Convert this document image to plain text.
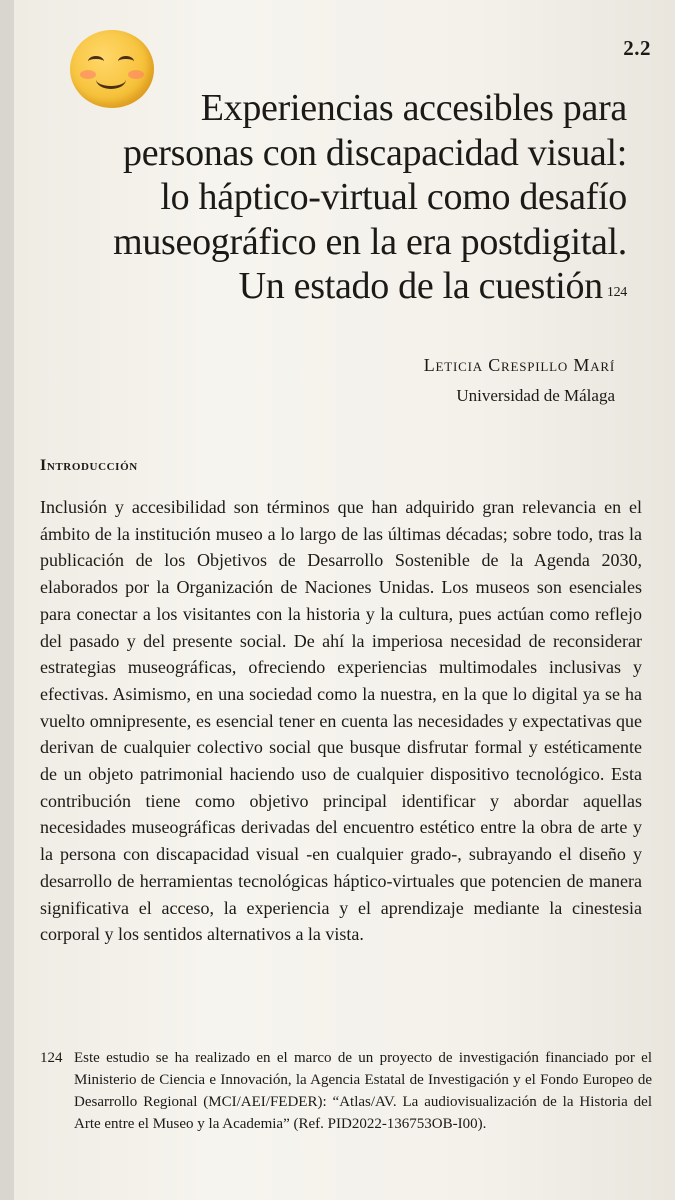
2.2
Experiencias accesibles para
personas con discapacidad visual:
lo háptico-virtual como desafío
museográfico en la era postdigital.
Un estado de la cuestión 124
Leticia Crespillo Marí
Universidad de Málaga
Introducción

Inclusión y accesibilidad son términos que han adquirido gran relevancia en el ámbito de la institución museo a lo largo de las últimas décadas; sobre todo, tras la publicación de los Objetivos de Desarrollo Sostenible de la Agenda 2030, elaborados por la Organización de Naciones Unidas. Los museos son esenciales para conectar a los visitantes con la historia y la cultura, pues actúan como reflejo del pasado y del presente social. De ahí la imperiosa necesidad de reconsiderar estrategias museográficas, ofreciendo experiencias multimodales inclusivas y efectivas. Asimismo, en una sociedad como la nuestra, en la que lo digital ya se ha vuelto omnipresente, es esencial tener en cuenta las necesidades y expectativas que derivan de cualquier colectivo social que busque disfrutar formal y estéticamente de un objeto patrimonial haciendo uso de cualquier dispositivo tecnológico. Esta contribución tiene como objetivo principal identificar y abordar aquellas necesidades museográficas derivadas del encuentro estético entre la obra de arte y la persona con discapacidad visual -en cualquier grado-, subrayando el diseño y desarrollo de herramientas tecnológicas háptico-virtuales que potencien de manera significativa el acceso, la experiencia y el aprendizaje mediante la cinestesia corporal y los sentidos alternativos a la vista.

124 Este estudio se ha realizado en el marco de un proyecto de investigación financiado por el Ministerio de Ciencia e Innovación, la Agencia Estatal de Investigación y el Fondo Europeo de Desarrollo Regional (MCI/AEI/FEDER): “Atlas/AV. La audiovisualización de la Historia del Arte entre el Museo y la Academia” (Ref. PID2022-136753OB-I00).
